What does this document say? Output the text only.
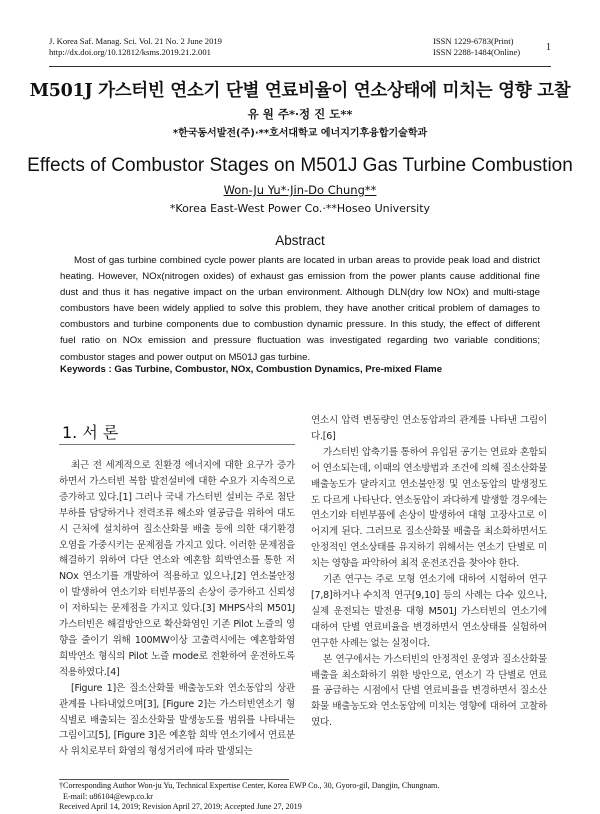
J. Korea Saf. Manag. Sci. Vol. 21 No. 2 June 2019
http://dx.doi.org/10.12812/ksms.2019.21.2.001
ISSN 1229-6783(Print)
ISSN 2288-1484(Online)	1
M501J 가스터빈 연소기 단별 연료비율이 연소상태에 미치는 영향 고찰
유 원 주*·정 진 도**
*한국동서발전(주)·**호서대학교 에너지기후융합기술학과
Effects of Combustor Stages on M501J Gas Turbine Combustion
Won-Ju Yu*·Jin-Do Chung**
*Korea East-West Power Co.·**Hoseo University
Abstract
Most of gas turbine combined cycle power plants are located in urban areas to provide peak load and district heating. However, NOx(nitrogen oxides) of exhaust gas emission from the power plants cause additional fine dust and thus it has negative impact on the urban environment. Although DLN(dry low NOx) and multi-stage combustors have been widely applied to solve this problem, they have another critical problem of damages to combustors and turbine components due to combustion dynamic pressure. In this study, the effect of different fuel ratio on NOx emission and pressure fluctuation was investigated regarding two variable conditions; combustor stages and power output on M501J gas turbine.
Keywords : Gas Turbine, Combustor, NOx, Combustion Dynamics, Pre-mixed Flame
1. 서 론

최근 전 세계적으로 친환경 에너지에 대한 요구가 증가하면서 가스터빈 복합 발전설비에 대한 수요가 지속적으로 증가하고 있다.[1] 그러나 국내 가스터빈 설비는 주로 첨단부하를 담당하거나 전력조류 해소와 열공급을 위하여 대도시 근처에 설치하여 질소산화물 배출 등에 의한 대기환경 오염을 가중시키는 문제점을 가지고 있다. 이러한 문제점을 해결하기 위하여 다단 연소와 예혼합 희박연소를 통한 저 NOx 연소기를 개발하여 적용하고 있으나,[2] 연소불안정이 발생하여 연소기와 터빈부품의 손상이 증가하고 신뢰성이 저하되는 문제점을 가지고 있다.[3] MHPS사의 M501J 가스터빈은 해결방안으로 확산화염인 기존 Pilot 노즐의 영향을 줄이기 위해 100MW이상 고출력시에는 예혼합화염 희박연소 형식의 Pilot 노즐 mode로 전환하여 운전하도록 적용하였다.[4]

[Figure 1]은 질소산화물 배출농도와 연소동압의 상관관계를 나타내었으며[3], [Figure 2]는 가스터빈연소기 형식별로 배출되는 질소산화물 발생농도를 범위를 나타내는 그림이고[5], [Figure 3]은 예혼합 희박 연소기에서 연료분사 위치로부터 화염의 형성거리에 따라 발생되는

연소시 압력 변동량인 연소동압과의 관계를 나타낸 그림이다.[6]

가스터빈 압축기를 통하여 유입된 공기는 연료와 혼합되어 연소되는데, 이때의 연소방법과 조건에 의해 질소산화물 배출농도가 달라지고 연소불안정 및 연소동압의 발생정도도 다르게 나타난다. 연소동압이 과다하게 발생할 경우에는 연소기와 터빈부품에 손상이 발생하여 대형 고장사고로 이어지게 된다. 그러므로 질소산화물 배출을 최소화하면서도 안정적인 연소상태를 유지하기 위해서는 연소기 단별로 미치는 영향을 파악하여 최적 운전조건을 찾아야 한다.

기존 연구는 주로 모형 연소기에 대하여 시험하여 연구[7,8]하거나 수치적 연구[9,10] 등의 사례는 다수 있으나, 실제 운전되는 발전용 대형 M501J 가스터빈의 연소기에 대하여 단별 연료비율을 변경하면서 연소상태를 실험하여 연구한 사례는 없는 실정이다.

본 연구에서는 가스터빈의 안정적인 운영과 질소산화물 배출을 최소화하기 위한 방안으로, 연소기 각 단별로 연료를 공급하는 시점에서 단별 연료비율을 변경하면서 질소산화물 배출농도와 연소동압에 미치는 영향에 대하여 고찰하였다.

†Corresponding Author Won-ju Yu, Technical Expertise Center, Korea EWP Co., 30, Gyoro-gil, Dangjin, Chungnam.
E-mail: u86104@ewp.co.kr
Received April 14, 2019; Revision April 27, 2019; Accepted June 27, 2019
